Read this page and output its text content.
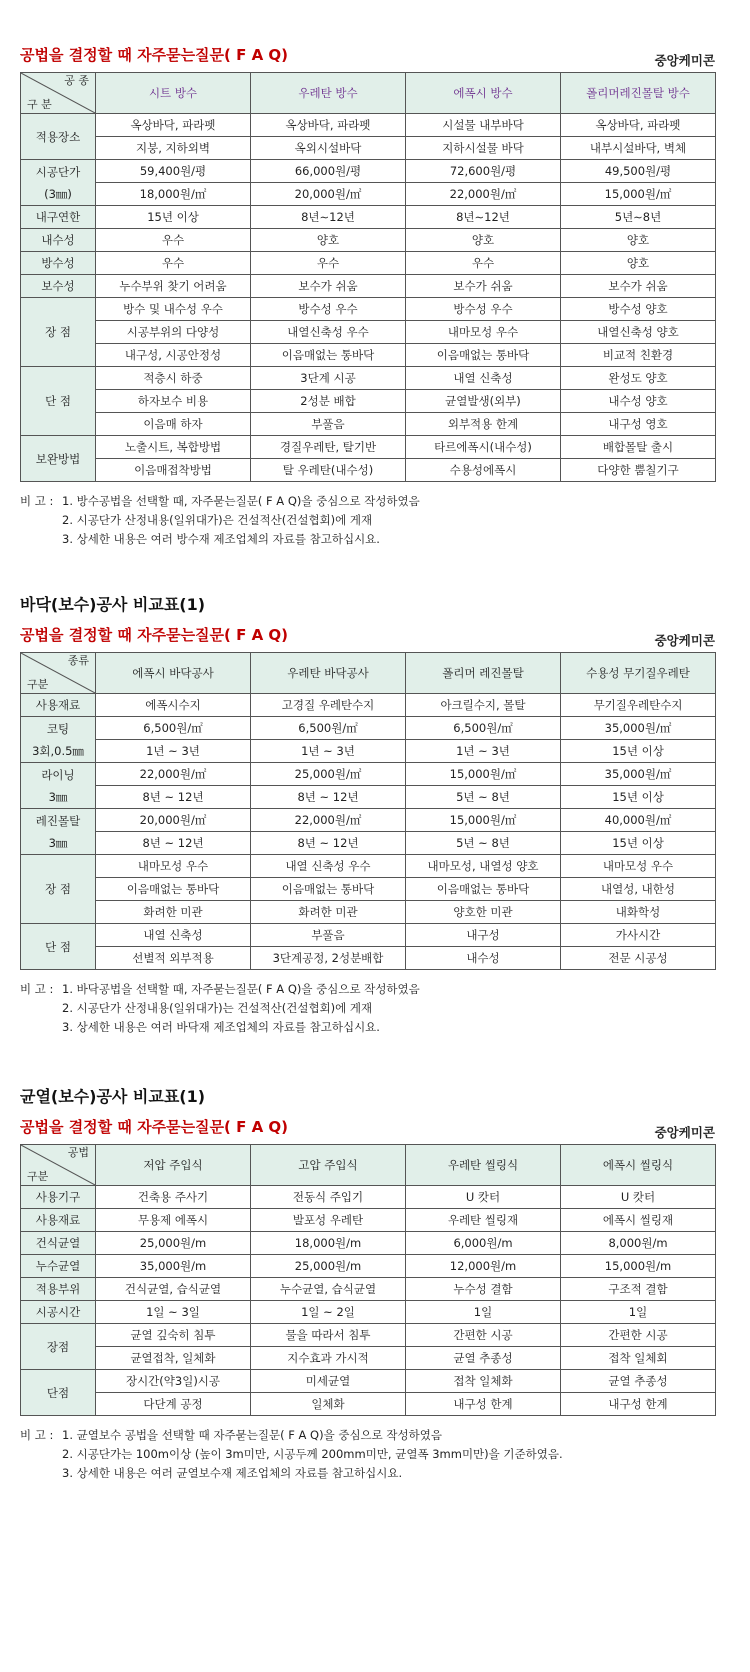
공법을 결정할 때 자주묻는질문( F A Q)	중앙케미콘
공 종
구 분	시트 방수	우레탄 방수	에폭시 방수	폴리머레진몰탈 방수
적용장소	옥상바닥, 파라펫	옥상바닥, 파라펫	시설물 내부바닥	옥상바닥, 파라펫
	지붕, 지하외벽	옥외시설바닥	지하시설물 바닥	내부시설바닥, 벽체
시공단가
(3㎜)	59,400원/평	66,000원/평	72,600원/평	49,500원/평
	18,000원/㎡	20,000원/㎡	22,000원/㎡	15,000원/㎡
내구연한	15년 이상	8년∼12년	8년∼12년	5년∼8년
내수성	우수	양호	양호	양호
방수성	우수	우수	우수	양호
보수성	누수부위 찾기 어려움	보수가 쉬움	보수가 쉬움	보수가 쉬움
장 점	방수 및 내수성 우수	방수성 우수	방수성 우수	방수성 양호
	시공부위의 다양성	내열신축성 우수	내마모성 우수	내열신축성 양호
	내구성, 시공안정성	이음매없는 통바닥	이음매없는 통바닥	비교적 친환경
단 점	적층시 하중	3단계 시공	내열 신축성	완성도 양호
	하자보수 비용	2성분 배합	균열발생(외부)	내수성 양호
	이음매 하자	부풀음	외부적용 한계	내구성 영호
보완방법	노출시트, 복합방법	경질우레탄, 탈기반	타르에폭시(내수성)	배합몰탈 출시
	이음매접착방법	탈 우레탄(내수성)	수용성에폭시	다양한 뿜칠기구
비 고 : 1. 방수공법을 선택할 때, 자주묻는질문( F A Q)을 중심으로 작성하였음
2. 시공단가 산정내용(일위대가)은 건설적산(건설협회)에 게재
3. 상세한 내용은 여러 방수재 제조업체의 자료를 참고하십시요.
바닥(보수)공사 비교표(1)
공법을 결정할 때 자주묻는질문( F A Q)	중앙케미콘
종류
구분	에폭시 바닥공사	우레탄 바닥공사	폴리머 레진몰탈	수용성 무기질우레탄
사용재료	에폭시수지	고경질 우레탄수지	아크릴수지, 몰탈	무기질우레탄수지
코팅
3회,0.5㎜	6,500원/㎡	6,500원/㎡	6,500원/㎡	35,000원/㎡
	1년 ~ 3년	1년 ~ 3년	1년 ~ 3년	15년 이상
라이닝
3㎜	22,000원/㎡	25,000원/㎡	15,000원/㎡	35,000원/㎡
	8년 ~ 12년	8년 ~ 12년	5년 ~ 8년	15년 이상
레진몰탈
3㎜	20,000원/㎡	22,000원/㎡	15,000원/㎡	40,000원/㎡
	8년 ~ 12년	8년 ~ 12년	5년 ~ 8년	15년 이상
장 점	내마모성 우수	내열 신축성 우수	내마모성, 내열성 양호	내마모성 우수
	이음매없는 통바닥	이음매없는 통바닥	이음매없는 통바닥	내열성, 내한성
	화려한 미관	화려한 미관	양호한 미관	내화학성
단 점	내열 신축성	부풀음	내구성	가사시간
	선별적 외부적용	3단계공정, 2성분배합	내수성	전문 시공성
비 고 : 1. 바닥공법을 선택할 때, 자주묻는질문( F A Q)을 중심으로 작성하였음
2. 시공단가 산정내용(일위대가)는 건설적산(건설협회)에 게재
3. 상세한 내용은 여러 바닥재 제조업체의 자료를 참고하십시요.
균열(보수)공사 비교표(1)
공법을 결정할 때 자주묻는질문( F A Q)	중앙케미콘
공법
구분	저압 주입식	고압 주입식	우레탄 씰링식	에폭시 씰링식
사용기구	건축용 주사기	전동식 주입기	U 캇터	U 캇터
사용재료	무용제 에폭시	발포성 우레탄	우레탄 씰링재	에폭시 씰링재
건식균열	25,000원/m	18,000원/m	6,000원/m	8,000원/m
누수균열	35,000원/m	25,000원/m	12,000원/m	15,000원/m
적용부위	건식균열, 습식균열	누수균열, 습식균열	누수성 결함	구조적 결함
시공시간	1일 ~ 3일	1일 ~ 2일	1일	1일
장점	균열 깊숙히 침투	물을 따라서 침투	간편한 시공	간편한 시공
	균열접착, 일체화	지수효과 가시적	균열 추종성	접착 일체회
단점	장시간(약3일)시공	미세균열	접착 일체화	균열 추종성
	다단계 공정	일체화	내구성 한계	내구성 한계
비 고 : 1. 균열보수 공법을 선택할 때 자주묻는질문( F A Q)을 중심으로 작성하였음
2. 시공단가는 100m이상 (높이 3m미만, 시공두께 200mm미만, 균열폭 3mm미만)을 기준하였음.
3. 상세한 내용은 여러 균열보수재 제조업체의 자료를 참고하십시요.
